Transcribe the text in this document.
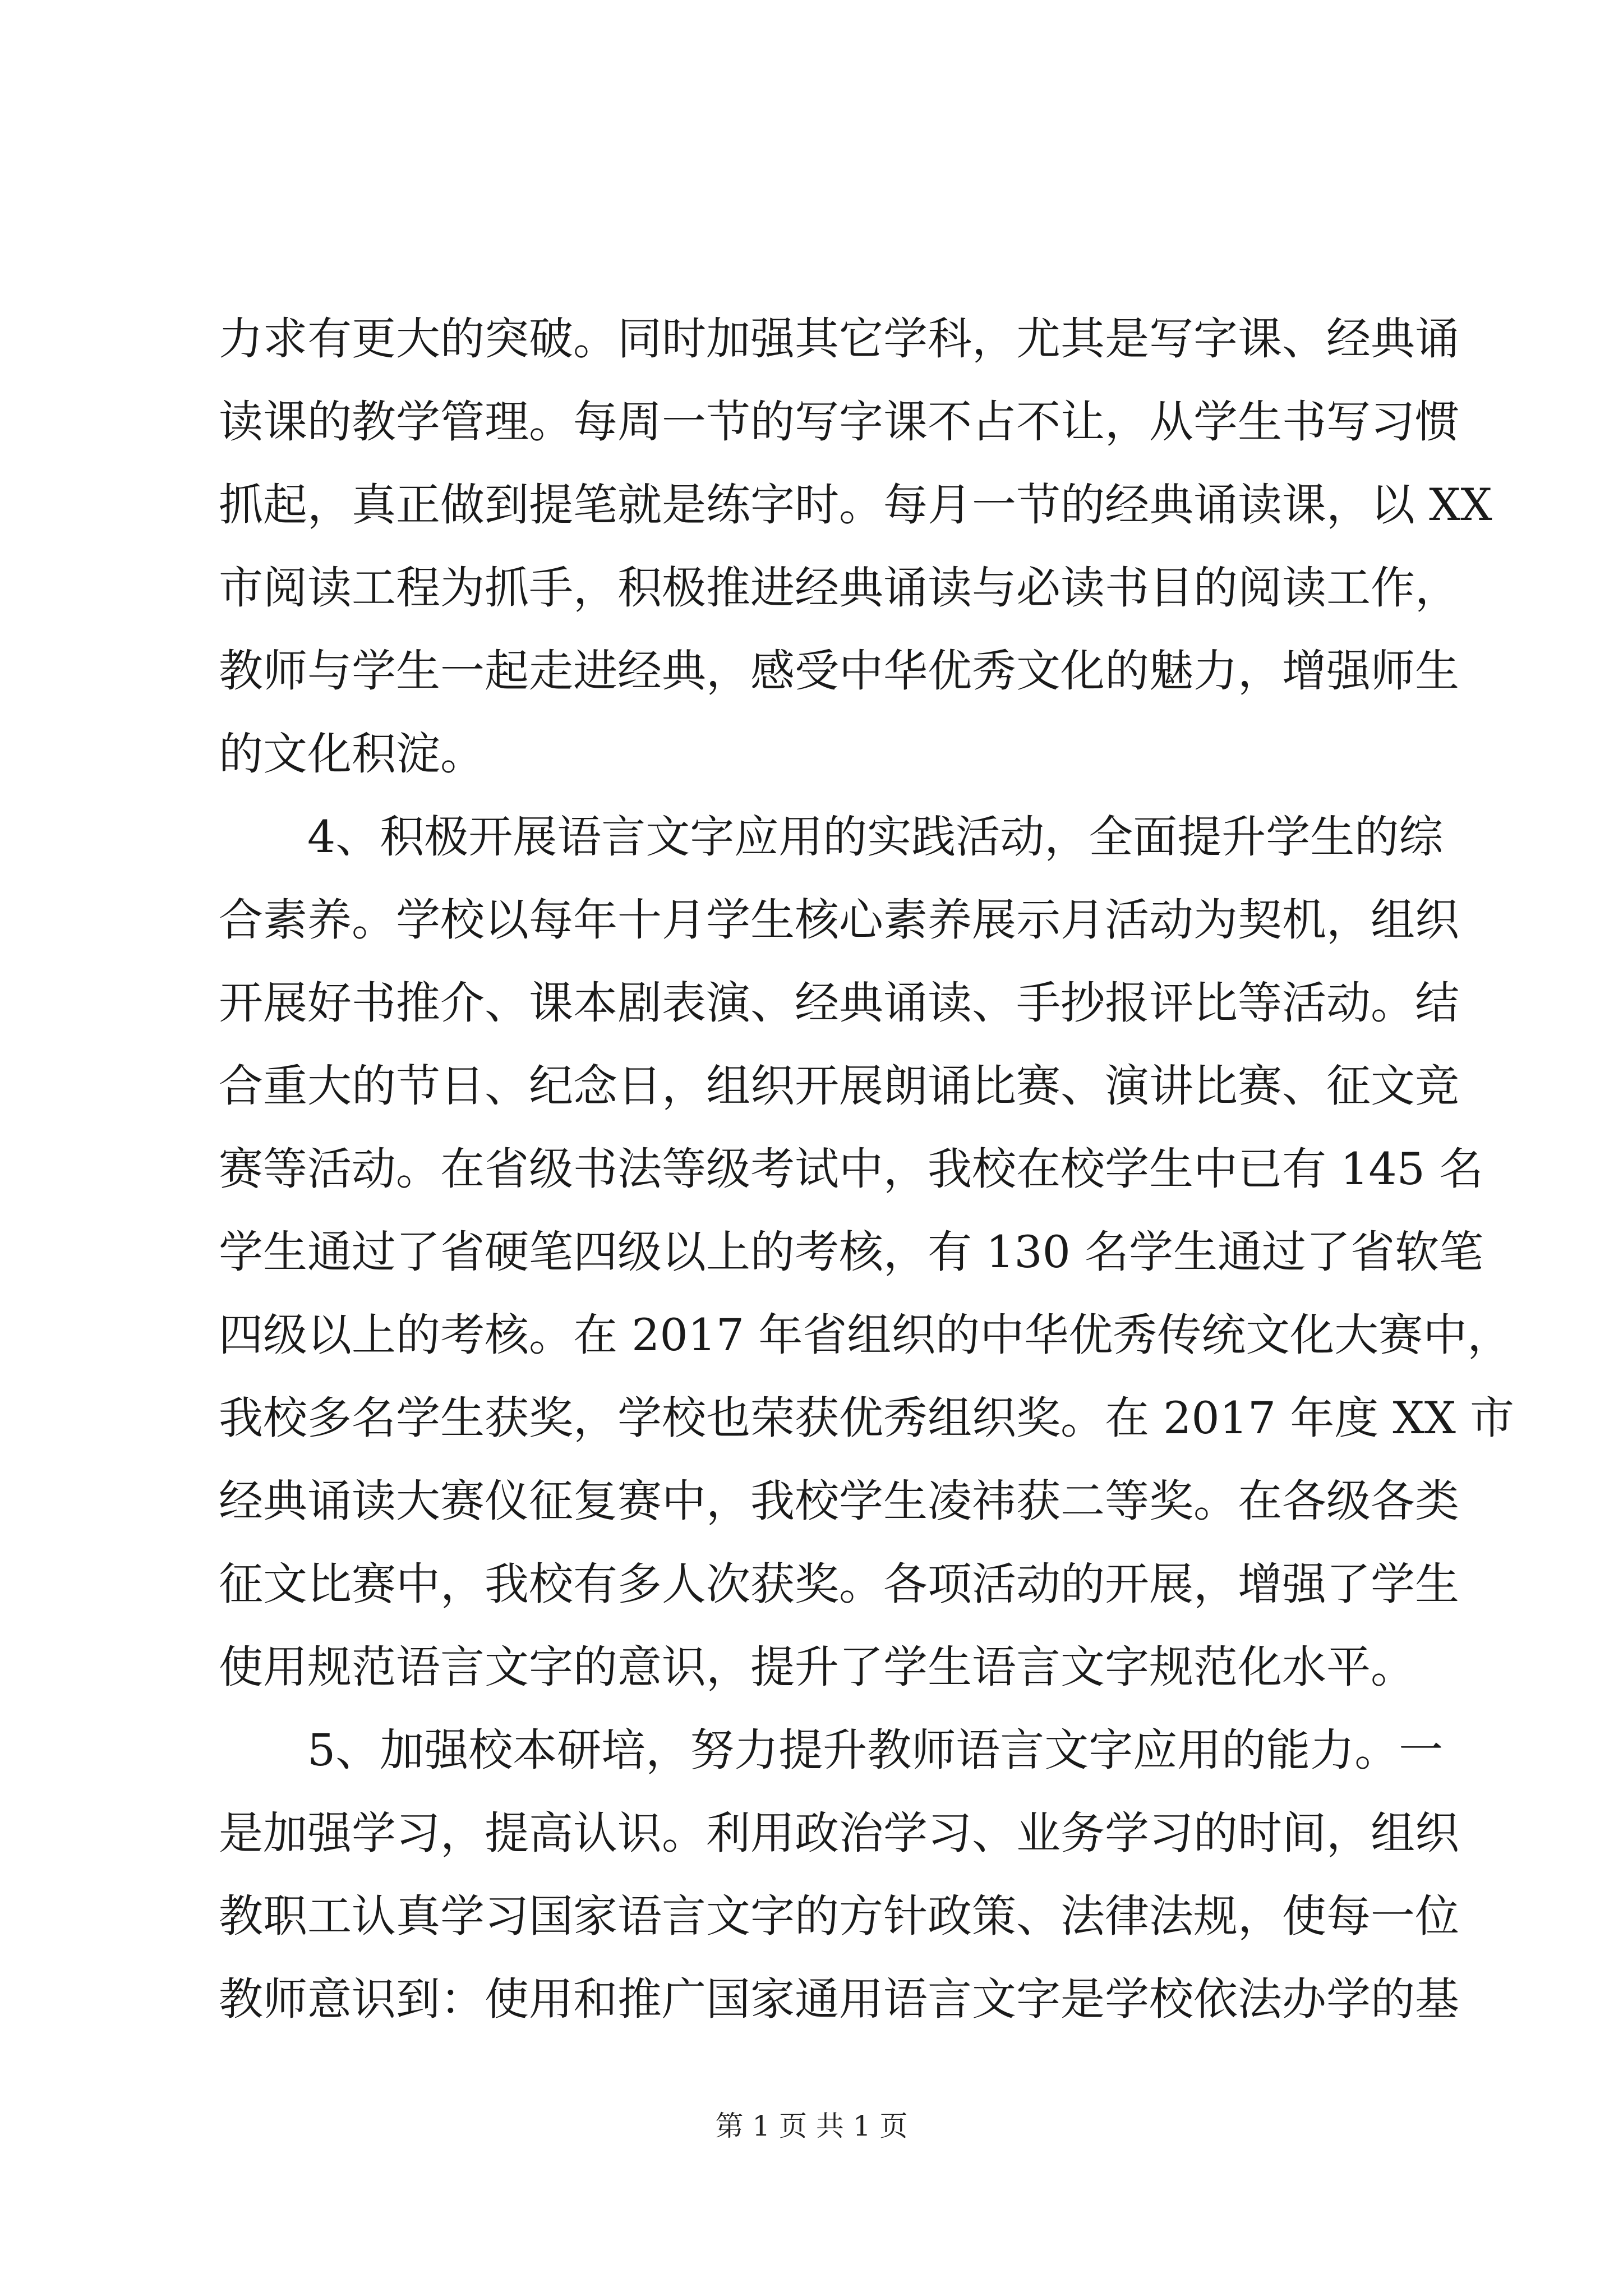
力求有更大的突破。同时加强其它学科，尤其是写字课、经典诵
读课的教学管理。每周一节的写字课不占不让，从学生书写习惯
抓起，真正做到提笔就是练字时。每月一节的经典诵读课，以 XX
市阅读工程为抓手，积极推进经典诵读与必读书目的阅读工作，
教师与学生一起走进经典，感受中华优秀文化的魅力，增强师生
的文化积淀。
4、积极开展语言文字应用的实践活动，全面提升学生的综
合素养。学校以每年十月学生核心素养展示月活动为契机，组织
开展好书推介、课本剧表演、经典诵读、手抄报评比等活动。结
合重大的节日、纪念日，组织开展朗诵比赛、演讲比赛、征文竞
赛等活动。在省级书法等级考试中，我校在校学生中已有 145 名
学生通过了省硬笔四级以上的考核，有 130 名学生通过了省软笔
四级以上的考核。在 2017 年省组织的中华优秀传统文化大赛中，
我校多名学生获奖，学校也荣获优秀组织奖。在 2017 年度 XX 市
经典诵读大赛仪征复赛中，我校学生凌祎获二等奖。在各级各类
征文比赛中，我校有多人次获奖。各项活动的开展，增强了学生
使用规范语言文字的意识，提升了学生语言文字规范化水平。
5、加强校本研培，努力提升教师语言文字应用的能力。一
是加强学习，提高认识。利用政治学习、业务学习的时间，组织
教职工认真学习国家语言文字的方针政策、法律法规，使每一位
教师意识到：使用和推广国家通用语言文字是学校依法办学的基
第 1 页 共 1 页
